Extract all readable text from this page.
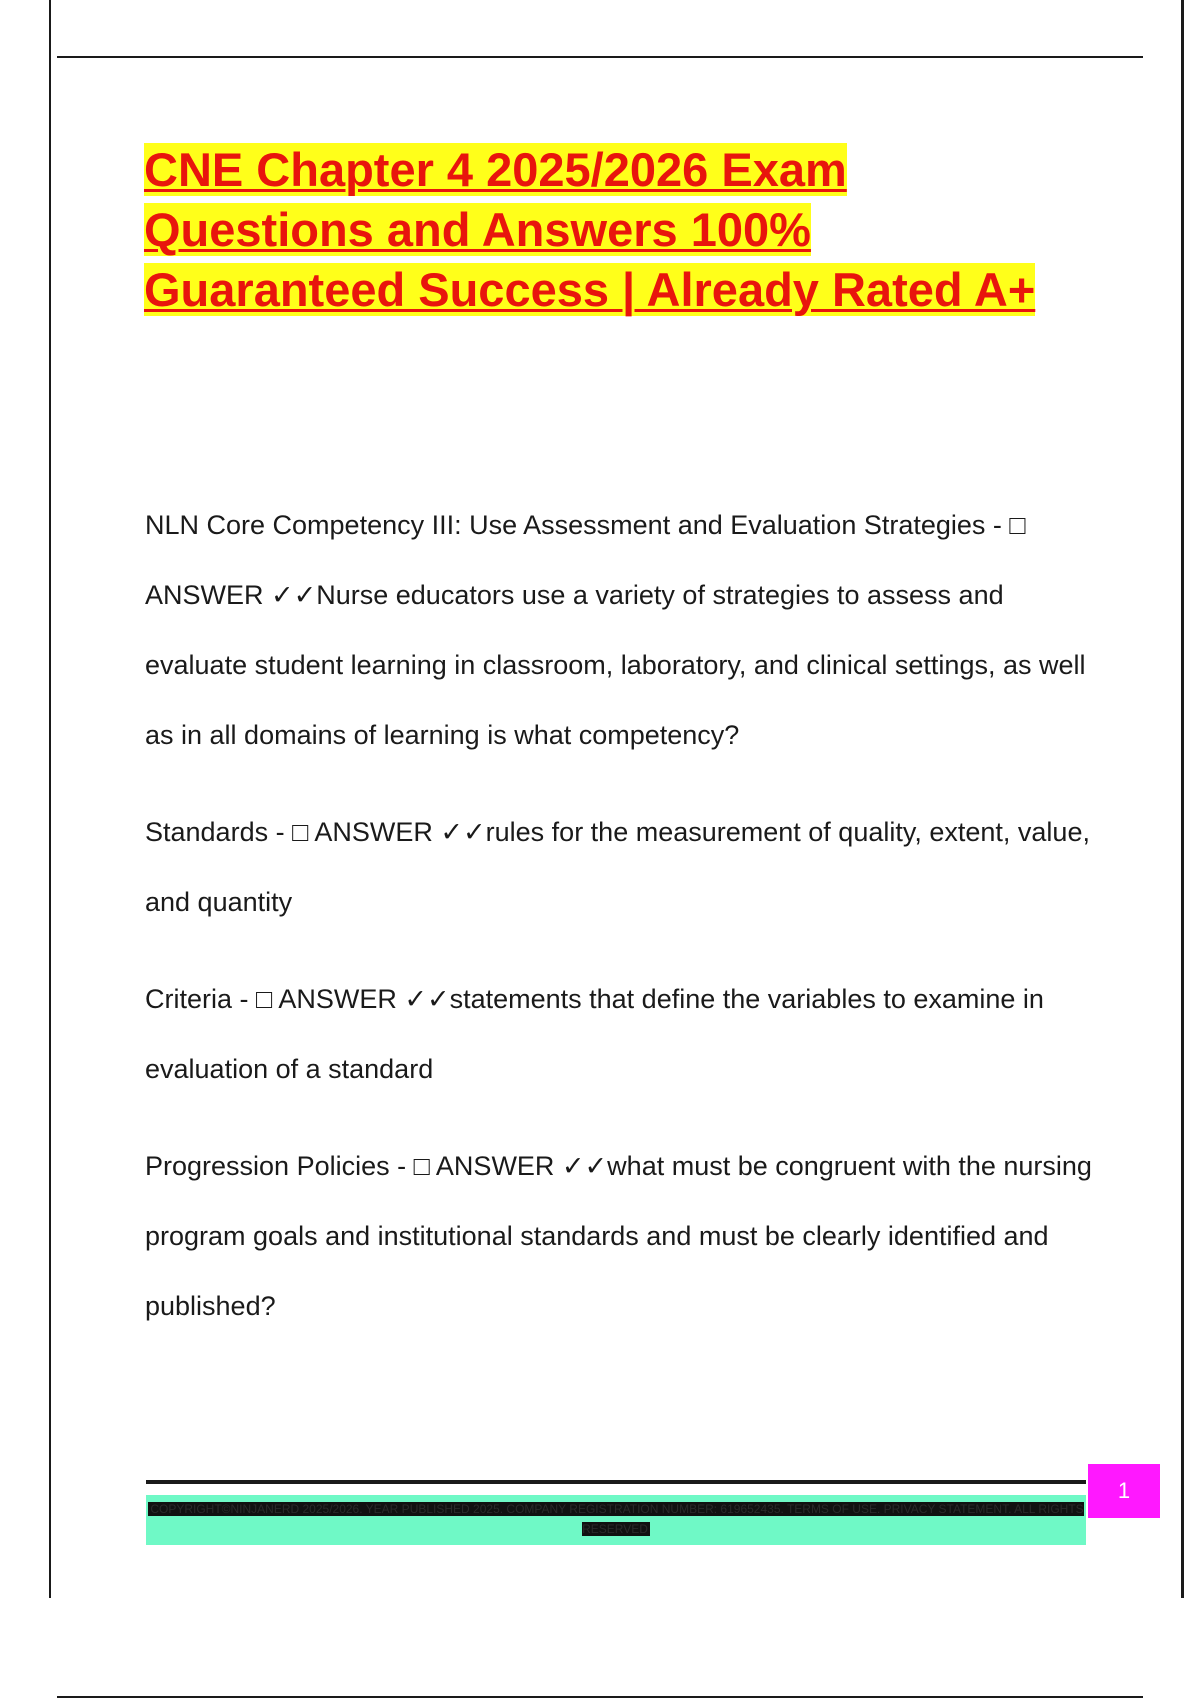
CNE Chapter 4 2025/2026 Exam
Questions and Answers 100%
Guaranteed Success | Already Rated A+

NLN Core Competency III: Use Assessment and Evaluation Strategies - □ ANSWER ✓✓Nurse educators use a variety of strategies to assess and evaluate student learning in classroom, laboratory, and clinical settings, as well as in all domains of learning is what competency?

Standards - □ ANSWER ✓✓rules for the measurement of quality, extent, value, and quantity

Criteria - □ ANSWER ✓✓statements that define the variables to examine in evaluation of a standard

Progression Policies - □ ANSWER ✓✓what must be congruent with the nursing program goals and institutional standards and must be clearly identified and published?

COPYRIGHT©NINJANERD 2025/2026. YEAR PUBLISHED 2025. COMPANY REGISTRATION NUMBER: 619652435. TERMS OF USE. PRIVACY STATEMENT. ALL RIGHTS RESERVED
1
